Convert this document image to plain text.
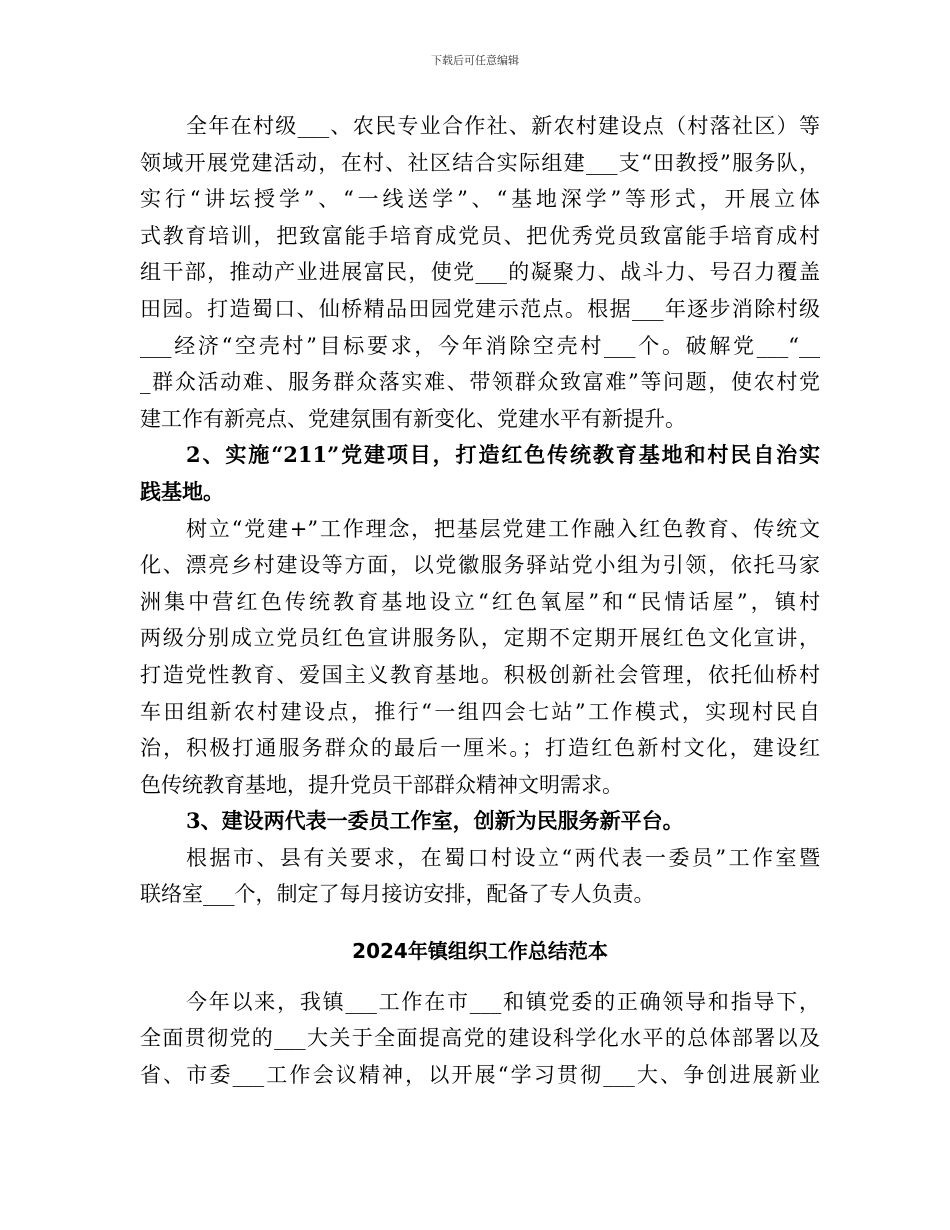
下载后可任意编辑
全年在村级___、农民专业合作社、新农村建设点（村落社区）等
领域开展党建活动，在村、社区结合实际组建___支“田教授”服务队，
实行“讲坛授学”、“一线送学”、“基地深学”等形式，开展立体
式教育培训，把致富能手培育成党员、把优秀党员致富能手培育成村
组干部，推动产业进展富民，使党___的凝聚力、战斗力、号召力覆盖
田园。打造蜀口、仙桥精品田园党建示范点。根据___年逐步消除村级
___经济“空壳村”目标要求，今年消除空壳村___个。破解党___“__
_群众活动难、服务群众落实难、带领群众致富难”等问题，使农村党
建工作有新亮点、党建氛围有新变化、党建水平有新提升。
2、实施“211”党建项目，打造红色传统教育基地和村民自治实
践基地。
树立“党建+”工作理念，把基层党建工作融入红色教育、传统文
化、漂亮乡村建设等方面，以党徽服务驿站党小组为引领，依托马家
洲集中营红色传统教育基地设立“红色氧屋”和“民情话屋”，镇村
两级分别成立党员红色宣讲服务队，定期不定期开展红色文化宣讲，
打造党性教育、爱国主义教育基地。积极创新社会管理，依托仙桥村
车田组新农村建设点，推行“一组四会七站”工作模式，实现村民自
治，积极打通服务群众的最后一厘米。；打造红色新村文化，建设红
色传统教育基地，提升党员干部群众精神文明需求。
3、建设两代表一委员工作室，创新为民服务新平台。
根据市、县有关要求，在蜀口村设立“两代表一委员”工作室暨
联络室___个，制定了每月接访安排，配备了专人负责。
2024年镇组织工作总结范本
今年以来，我镇___工作在市___和镇党委的正确领导和指导下，
全面贯彻党的___大关于全面提高党的建设科学化水平的总体部署以及
省、市委___工作会议精神，以开展“学习贯彻___大、争创进展新业
